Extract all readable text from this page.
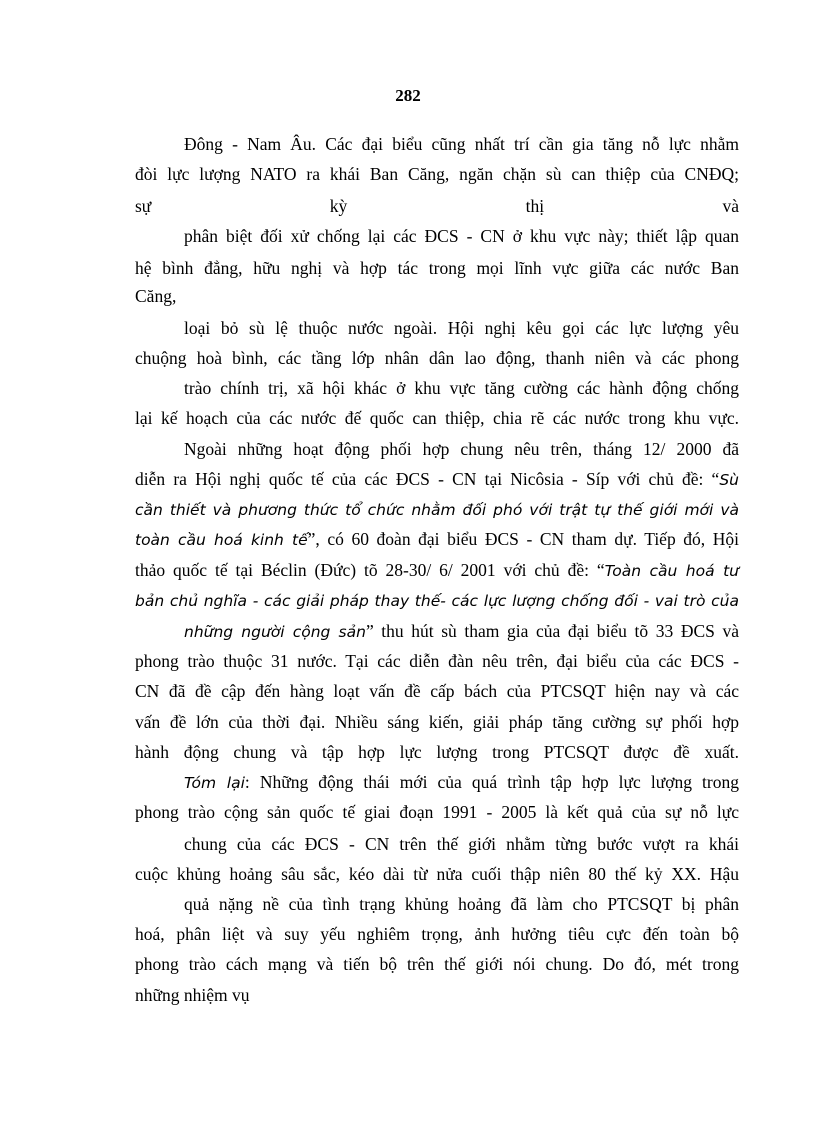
282
Đông - Nam Âu. Các đại biểu cũng nhất trí cần gia tăng nỗ lực nhằm
đòi lực lượng NATO ra khái Ban Căng, ngăn chặn sù can thiệp của CNĐQ;
sự kỳ thị và
phân biệt đối xử chống lại các ĐCS - CN ở khu vực này; thiết lập quan
hệ bình đẳng, hữu nghị và hợp tác trong mọi lĩnh vực giữa các nước Ban
Căng,
loại bỏ sù lệ thuộc nước ngoài. Hội nghị kêu gọi các lực lượng yêu
chuộng hoà bình, các tầng lớp nhân dân lao động, thanh niên và các phong
trào chính trị, xã hội khác ở khu vực tăng cường các hành động chống
lại kế hoạch của các nước đế quốc can thiệp, chia rẽ các nước trong khu vực.
Ngoài những hoạt động phối hợp chung nêu trên, tháng 12/ 2000 đã
diễn ra Hội nghị quốc tế của các ĐCS - CN tại Nicôsia - Síp với chủ đề: “Sù
cần thiết và phương thức tổ chức nhằm đối phó với trật tự thế giới mới và
toàn cầu hoá kinh tế”, có 60 đoàn đại biểu ĐCS - CN tham dự. Tiếp đó, Hội
thảo quốc tế tại Béclin (Đức) tõ 28-30/ 6/ 2001 với chủ đề: “Toàn cầu hoá tư
bản chủ nghĩa - các giải pháp thay thế- các lực lượng chống đối - vai trò của
những người cộng sản” thu hút sù tham gia của đại biểu tõ 33 ĐCS và
phong trào thuộc 31 nước. Tại các diễn đàn nêu trên, đại biểu của các ĐCS -
CN đã đề cập đến hàng loạt vấn đề cấp bách của PTCSQT hiện nay và các
vấn đề lớn của thời đại. Nhiều sáng kiến, giải pháp tăng cường sự phối hợp
hành động chung và tập hợp lực lượng trong PTCSQT được đề xuất.
Tóm lại: Những động thái mới của quá trình tập hợp lực lượng trong
phong trào cộng sản quốc tế giai đoạn 1991 - 2005 là kết quả của sự nỗ lực
chung của các ĐCS - CN trên thế giới nhằm từng bước vượt ra khái
cuộc khủng hoảng sâu sắc, kéo dài từ nửa cuối thập niên 80 thế kỷ XX. Hậu
quả nặng nề của tình trạng khủng hoảng đã làm cho PTCSQT bị phân
hoá, phân liệt và suy yếu nghiêm trọng, ảnh hưởng tiêu cực đến toàn bộ
phong trào cách mạng và tiến bộ trên thế giới nói chung. Do đó, mét trong
những nhiệm vụ
